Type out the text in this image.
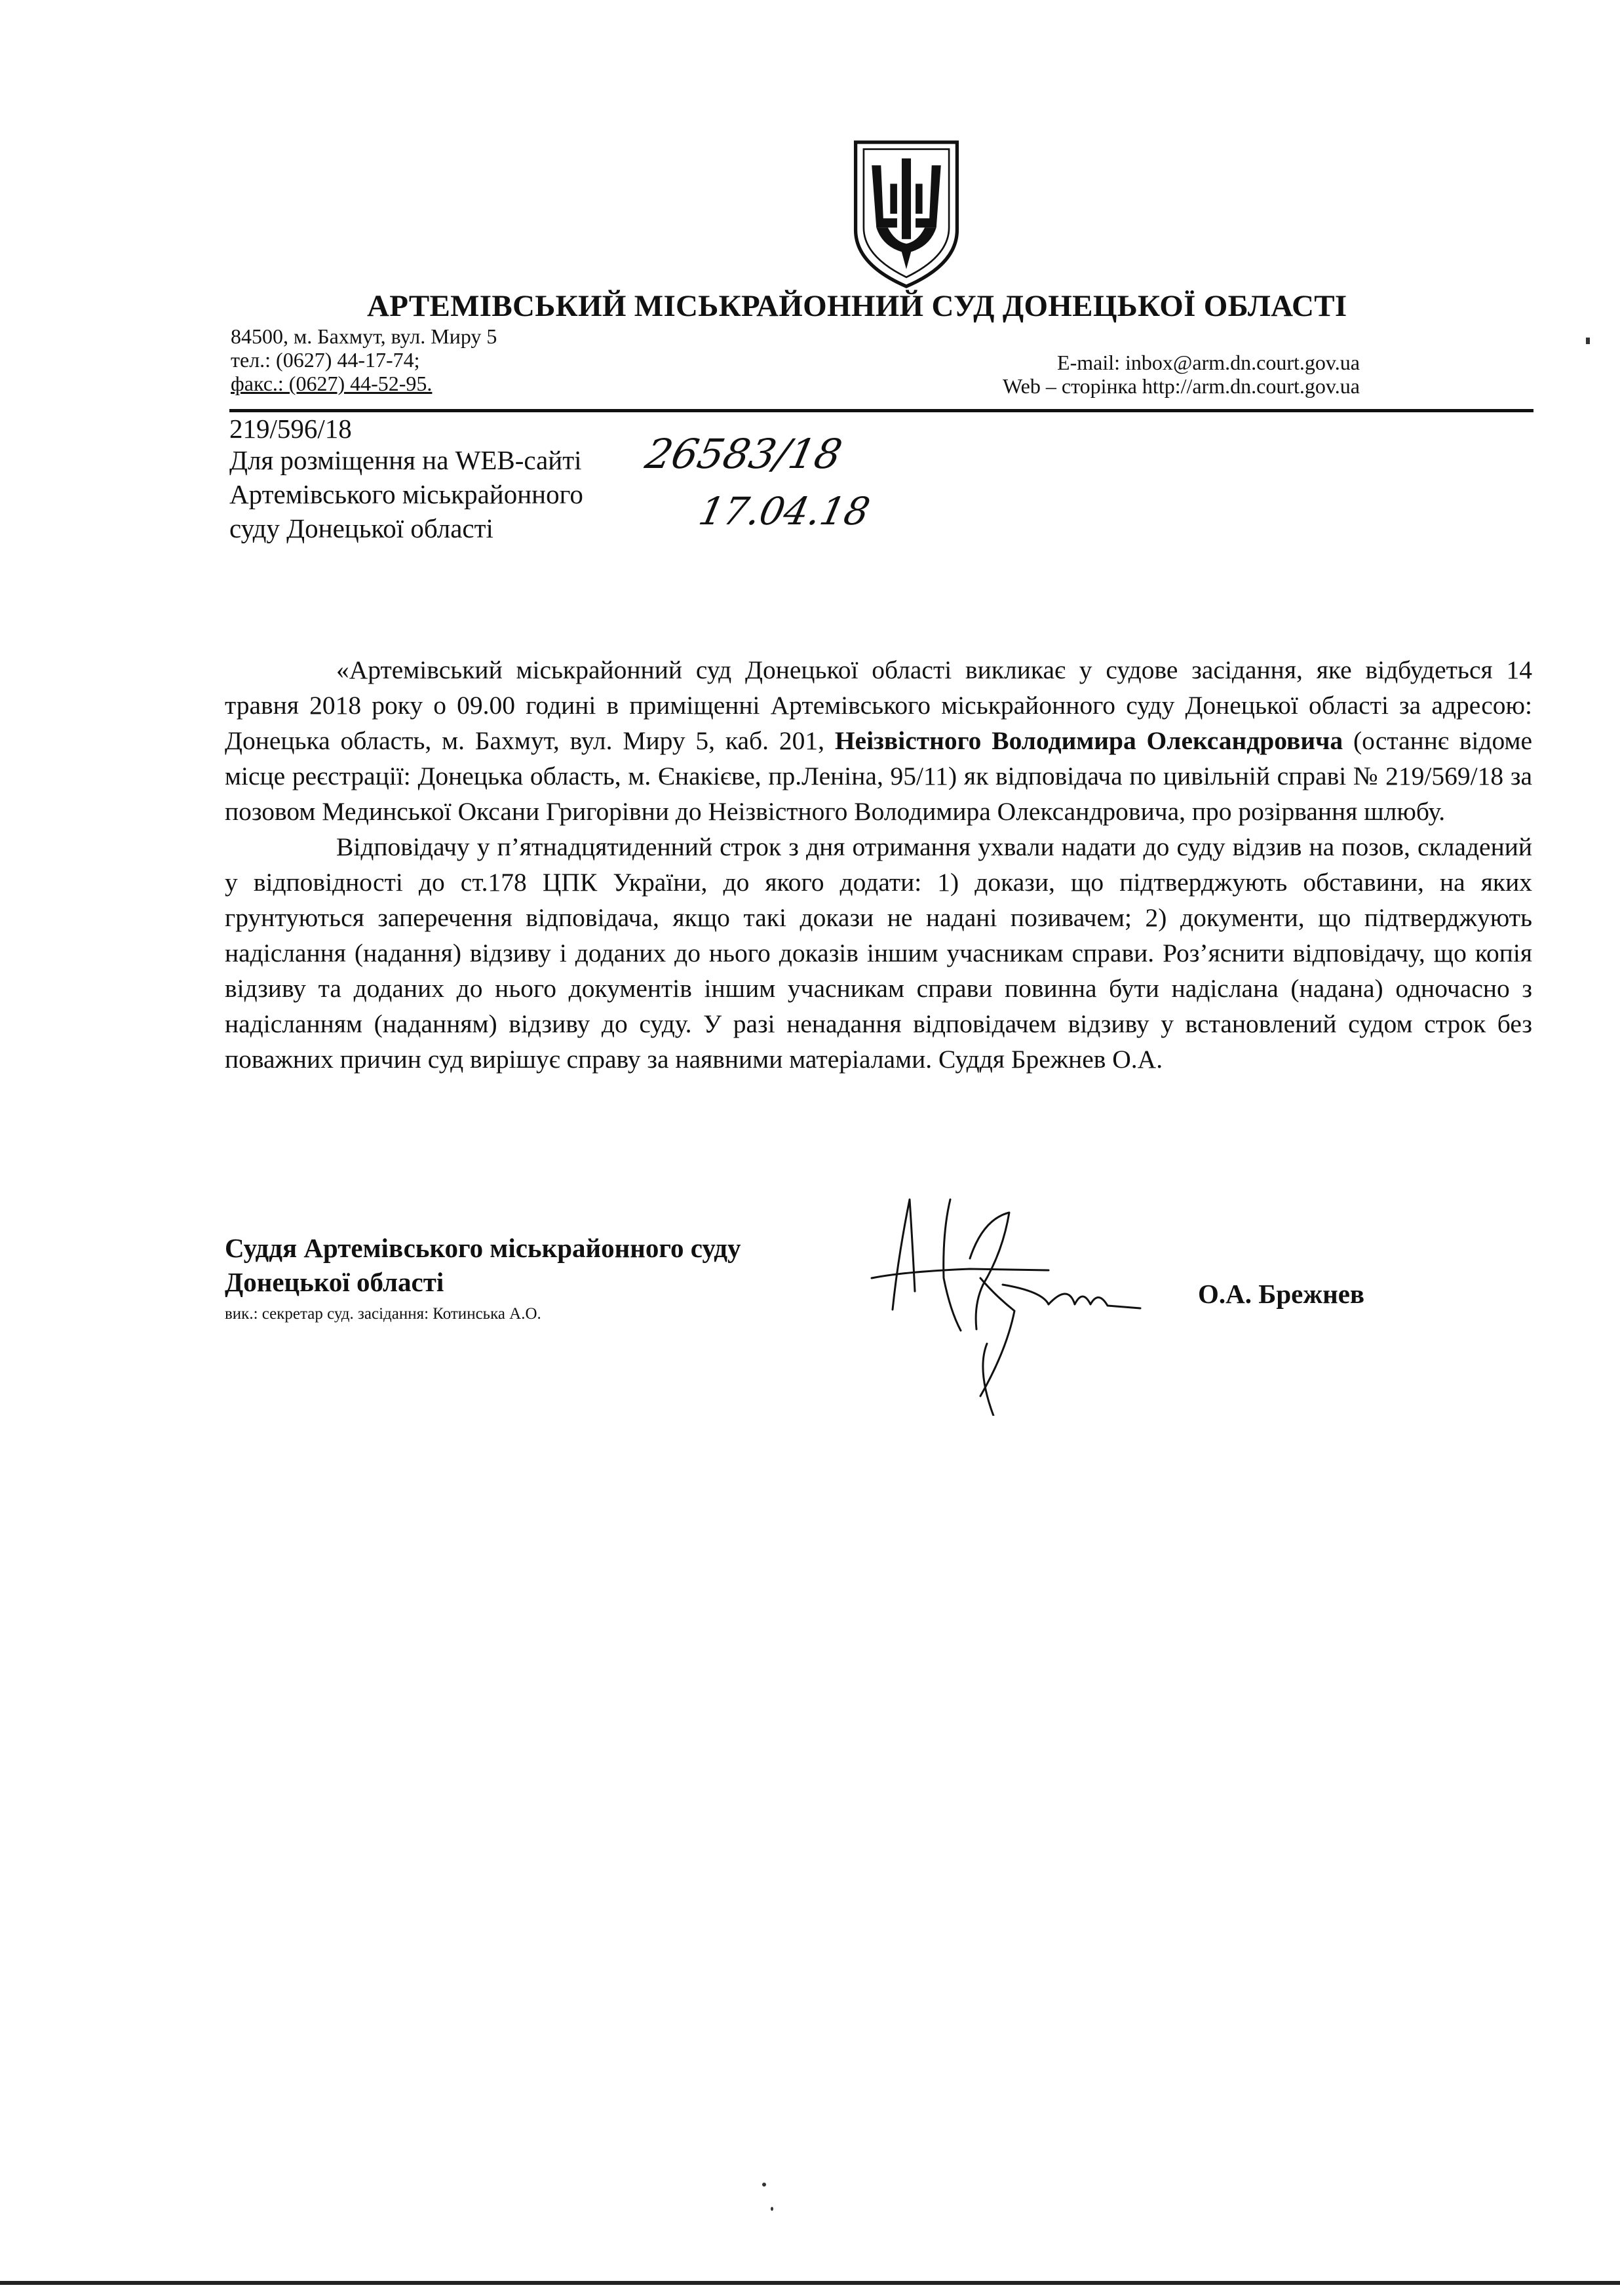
АРТЕМІВСЬКИЙ МІСЬКРАЙОННИЙ СУД ДОНЕЦЬКОЇ ОБЛАСТІ
84500, м. Бахмут, вул. Миру 5
тел.: (0627) 44-17-74;
факс.: (0627) 44-52-95.
E-mail: inbox@arm.dn.court.gov.ua
Web – сторінка http://arm.dn.court.gov.ua
219/596/18
Для розміщення на WEB-сайті
Артемівського міськрайонного
суду Донецької області
26583/18
17.04.18

«Артемівський міськрайонний суд Донецької області викликає у судове засідання, яке відбудеться 14 травня 2018 року о 09.00 годині в приміщенні Артемівського міськрайонного суду Донецької області за адресою: Донецька область, м. Бахмут, вул. Миру 5, каб. 201, Неізвістного Володимира Олександровича (останнє відоме місце реєстрації: Донецька область, м. Єнакієве, пр.Леніна, 95/11) як відповідача по цивільній справі № 219/569/18 за позовом Мединської Оксани Григорівни до Неізвістного Володимира Олександровича, про розірвання шлюбу.

Відповідачу у п’ятнадцятиденний строк з дня отримання ухвали надати до суду відзив на позов, складений у відповідності до ст.178 ЦПК України, до якого додати: 1) докази, що підтверджують обставини, на яких грунтуються заперечення відповідача, якщо такі докази не надані позивачем; 2) документи, що підтверджують надіслання (надання) відзиву і доданих до нього доказів іншим учасникам справи. Роз’яснити відповідачу, що копія відзиву та доданих до нього документів іншим учасникам справи повинна бути надіслана (надана) одночасно з надісланням (наданням) відзиву до суду. У разі ненадання відповідачем відзиву у встановлений судом строк без поважних причин суд вирішує справу за наявними матеріалами. Суддя Брежнев О.А.

Суддя Артемівського міськрайонного суду
Донецької області
вик.: секретар суд. засідання: Котинська А.О.
О.А. Брежнев
